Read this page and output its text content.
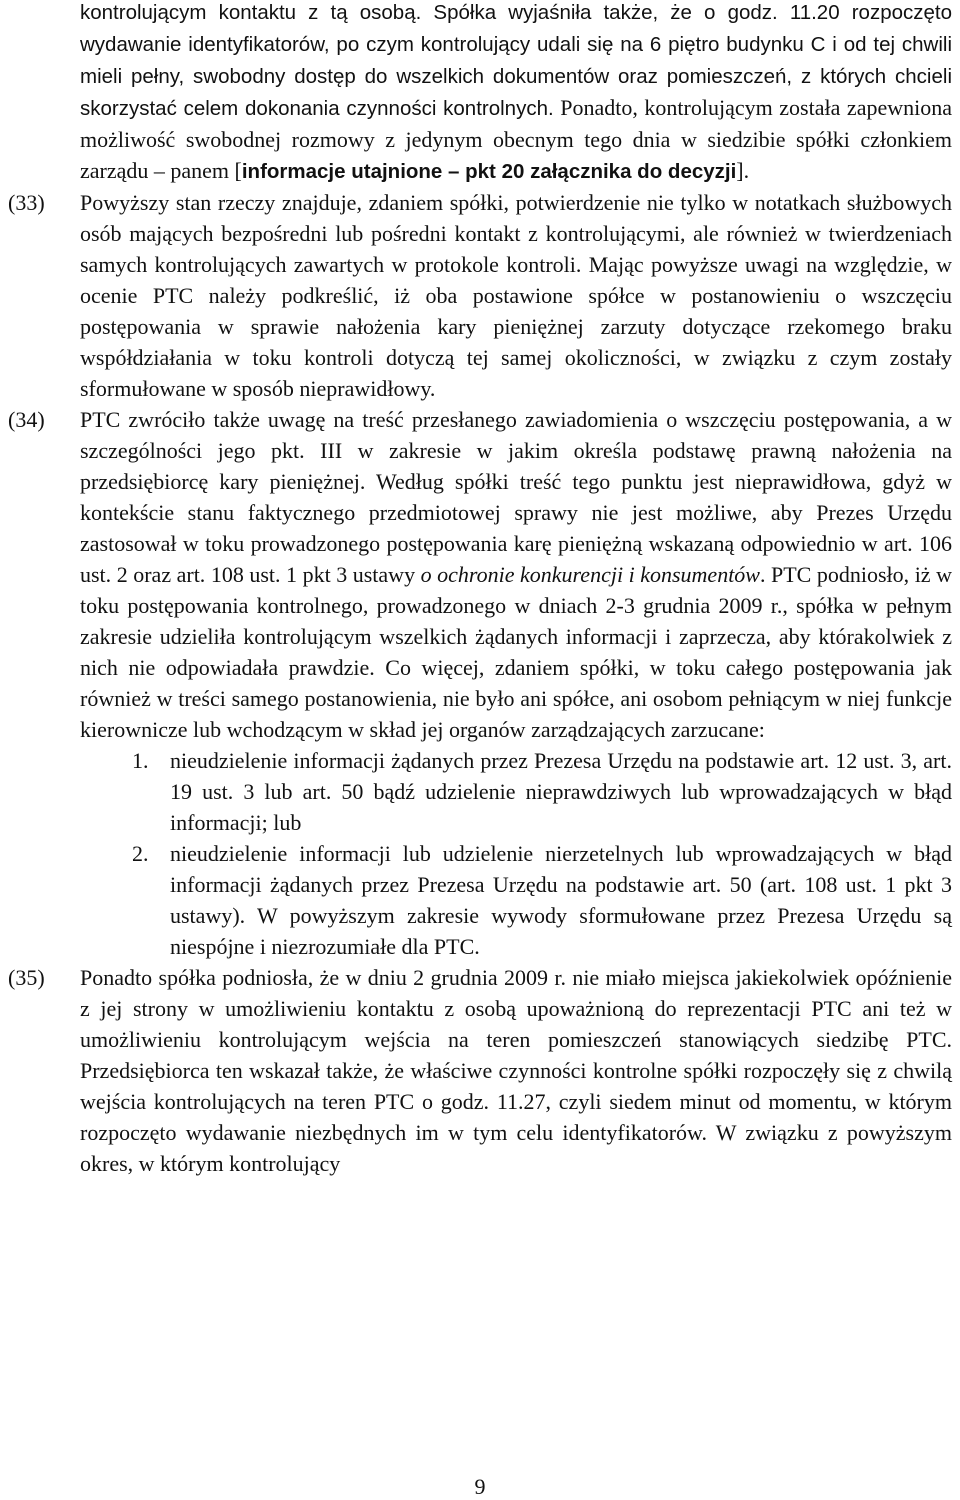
kontrolującym kontaktu z tą osobą. Spółka wyjaśniła także, że o godz. 11.20 rozpoczęto wydawanie identyfikatorów, po czym kontrolujący udali się na 6 piętro budynku C i od tej chwili mieli pełny, swobodny dostęp do wszelkich dokumentów oraz pomieszczeń, z których chcieli skorzystać celem dokonania czynności kontrolnych. Ponadto, kontrolującym została zapewniona możliwość swobodnej rozmowy z jedynym obecnym tego dnia w siedzibie spółki członkiem zarządu – panem [informacje utajnione – pkt 20 załącznika do decyzji].

(33)	Powyższy stan rzeczy znajduje, zdaniem spółki, potwierdzenie nie tylko w notatkach służbowych osób mających bezpośredni lub pośredni kontakt z kontrolującymi, ale również w twierdzeniach samych kontrolujących zawartych w protokole kontroli. Mając powyższe uwagi na względzie, w ocenie PTC należy podkreślić, iż oba postawione spółce w postanowieniu o wszczęciu postępowania w sprawie nałożenia kary pieniężnej zarzuty dotyczące rzekomego braku współdziałania w toku kontroli dotyczą tej samej okoliczności, w związku z czym zostały sformułowane w sposób nieprawidłowy.

(34)	PTC zwróciło także uwagę na treść przesłanego zawiadomienia o wszczęciu postępowania, a w szczególności jego pkt. III w zakresie w jakim określa podstawę prawną nałożenia na przedsiębiorcę kary pieniężnej. Według spółki treść tego punktu jest nieprawidłowa, gdyż w kontekście stanu faktycznego przedmiotowej sprawy nie jest możliwe, aby Prezes Urzędu zastosował w toku prowadzonego postępowania karę pieniężną wskazaną odpowiednio w art. 106 ust. 2 oraz art. 108 ust. 1 pkt 3 ustawy o ochronie konkurencji i konsumentów. PTC podniosło, iż w toku postępowania kontrolnego, prowadzonego w dniach 2-3 grudnia 2009 r., spółka w pełnym zakresie udzieliła kontrolującym wszelkich żądanych informacji i zaprzecza, aby którakolwiek z nich nie odpowiadała prawdzie. Co więcej, zdaniem spółki, w toku całego postępowania jak również w treści samego postanowienia, nie było ani spółce, ani osobom pełniącym w niej funkcje kierownicze lub wchodzącym w skład jej organów zarządzających zarzucane:

1. nieudzielenie informacji żądanych przez Prezesa Urzędu na podstawie art. 12 ust. 3, art. 19 ust. 3 lub art. 50 bądź udzielenie nieprawdziwych lub wprowadzających w błąd informacji; lub
2. nieudzielenie informacji lub udzielenie nierzetelnych lub wprowadzających w błąd informacji żądanych przez Prezesa Urzędu na podstawie art. 50 (art. 108 ust. 1 pkt 3 ustawy). W powyższym zakresie wywody sformułowane przez Prezesa Urzędu są niespójne i niezrozumiałe dla PTC.
(35)	Ponadto spółka podniosła, że w dniu 2 grudnia 2009 r. nie miało miejsca jakiekolwiek opóźnienie z jej strony w umożliwieniu kontaktu z osobą upoważnioną do reprezentacji PTC ani też w umożliwieniu kontrolującym wejścia na teren pomieszczeń stanowiących siedzibę PTC. Przedsiębiorca ten wskazał także, że właściwe czynności kontrolne spółki rozpoczęły się z chwilą wejścia kontrolujących na teren PTC o godz. 11.27, czyli siedem minut od momentu, w którym rozpoczęto wydawanie niezbędnych im w tym celu identyfikatorów. W związku z powyższym okres, w którym kontrolujący

9
